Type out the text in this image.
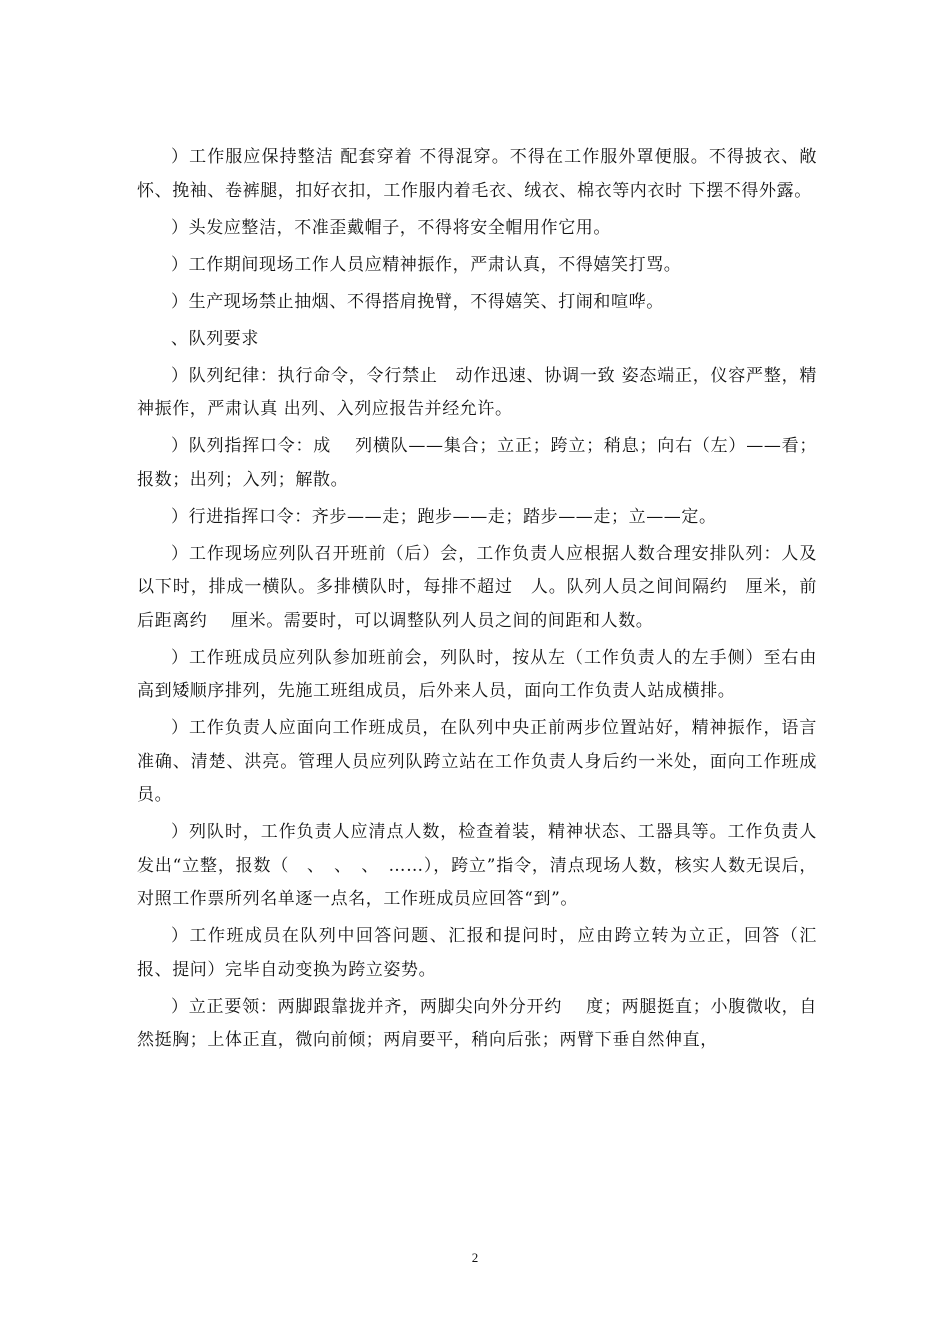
）工作服应保持整洁 配套穿着 不得混穿。不得在工作服外罩便服。不得披衣、敞怀、挽袖、卷裤腿，扣好衣扣，工作服内着毛衣、绒衣、棉衣等内衣时 下摆不得外露。

）头发应整洁，不准歪戴帽子，不得将安全帽用作它用。

）工作期间现场工作人员应精神振作，严肃认真，不得嬉笑打骂。

）生产现场禁止抽烟、不得搭肩挽臂，不得嬉笑、打闹和喧哗。

、队列要求

）队列纪律：执行命令，令行禁止　动作迅速、协调一致 姿态端正，仪容严整，精神振作，严肃认真 出列、入列应报告并经允许。

）队列指挥口令：成　 列横队——集合；立正；跨立；稍息；向右（左）——看；报数；出列；入列；解散。

）行进指挥口令：齐步——走；跑步——走；踏步——走；立——定。

）工作现场应列队召开班前（后）会，工作负责人应根据人数合理安排队列：人及以下时，排成一横队。多排横队时，每排不超过　人。队列人员之间间隔约　厘米，前后距离约　 厘米。需要时，可以调整队列人员之间的间距和人数。

）工作班成员应列队参加班前会，列队时，按从左（工作负责人的左手侧）至右由高到矮顺序排列，先施工班组成员，后外来人员，面向工作负责人站成横排。

）工作负责人应面向工作班成员，在队列中央正前两步位置站好，精神振作，语言准确、清楚、洪亮。管理人员应列队跨立站在工作负责人身后约一米处，面向工作班成员。

）列队时，工作负责人应清点人数，检查着装，精神状态、工器具等。工作负责人发出“立整，报数（　、　、　、　……），跨立”指令，清点现场人数，核实人数无误后，对照工作票所列名单逐一点名，工作班成员应回答“到”。

）工作班成员在队列中回答问题、汇报和提问时，应由跨立转为立正，回答（汇报、提问）完毕自动变换为跨立姿势。

）立正要领：两脚跟靠拢并齐，两脚尖向外分开约　 度；两腿挺直；小腹微收，自然挺胸；上体正直，微向前倾；两肩要平，稍向后张；两臂下垂自然伸直，

2
